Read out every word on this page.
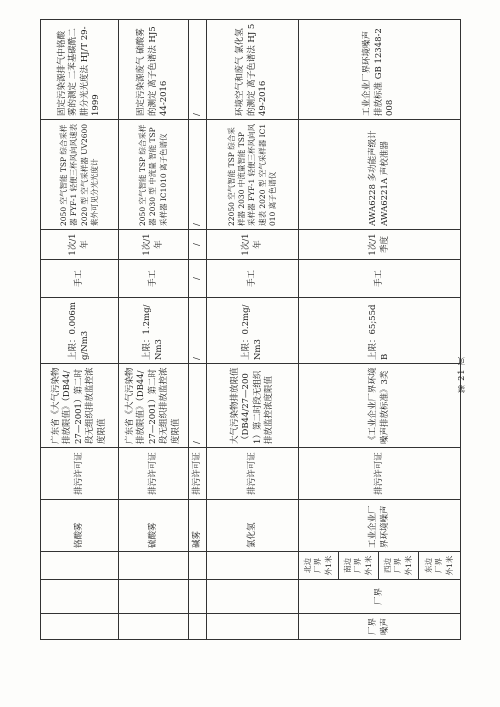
			铬酸雾	排污许可证	广东省《大气污染物排放限值》（DB44/27—2001）第二时段无组织排放监控浓度限值	上限：0.006mg/Nm3	手工	1次/1年	2050 空气智能 TSP 综合采样器 FYF-1 轻便三杯风向风速表 2020 型 空气采样器 UV2600 紫外可见分光光度计	固定污染源排气中铬酸雾的测定 二苯基碳酰二肼分光光度法 HJ/T 29-1999
			硫酸雾	排污许可证	广东省《大气污染物排放限值》（DB44/27—2001）第二时段无组织排放监控浓度限值	上限：1.2mg/Nm3	手工	1次/1年	2050 空气智能 TSP 综合采样器 2030 型 中流量 智能 TSP 采样器 IC1010 离子色谱仪	固定污染源废气 硫酸雾的测定 离子色谱法 HJ544-2016
			碱雾	排污许可证	/	/	/	/	/	/
			氯化氢	排污许可证	大气污染物排放限值（DB44/27—2001）第二时段无组织排放监控浓度限值	上限：0.2mg/Nm3	手工	1次/1年	22050 空气智能 TSP 综合采样器 2030 中流量智能 TSP 采样器 FYF-1 轻便三杯风向风速表 2020 型 空气采样器 IC1010 离子色谱仪	环境空气和废气 氯化氢的测定 离子色谱法 HJ 549-2016
厂界噪声	厂界	北边厂界外1米	工业企业厂界环境噪声	排污许可证	《工业企业厂界环境噪声排放标准》3类	上限：65;55dB	手工	1次/1季度	AWA6228 多功能声级计 AWA6221A 声校准器	工业企业厂界环境噪声排放标准 GB 12348-2008
		南边厂界外1米								
		西边厂界外1米								
		东边厂界外1米								
第 21 页
